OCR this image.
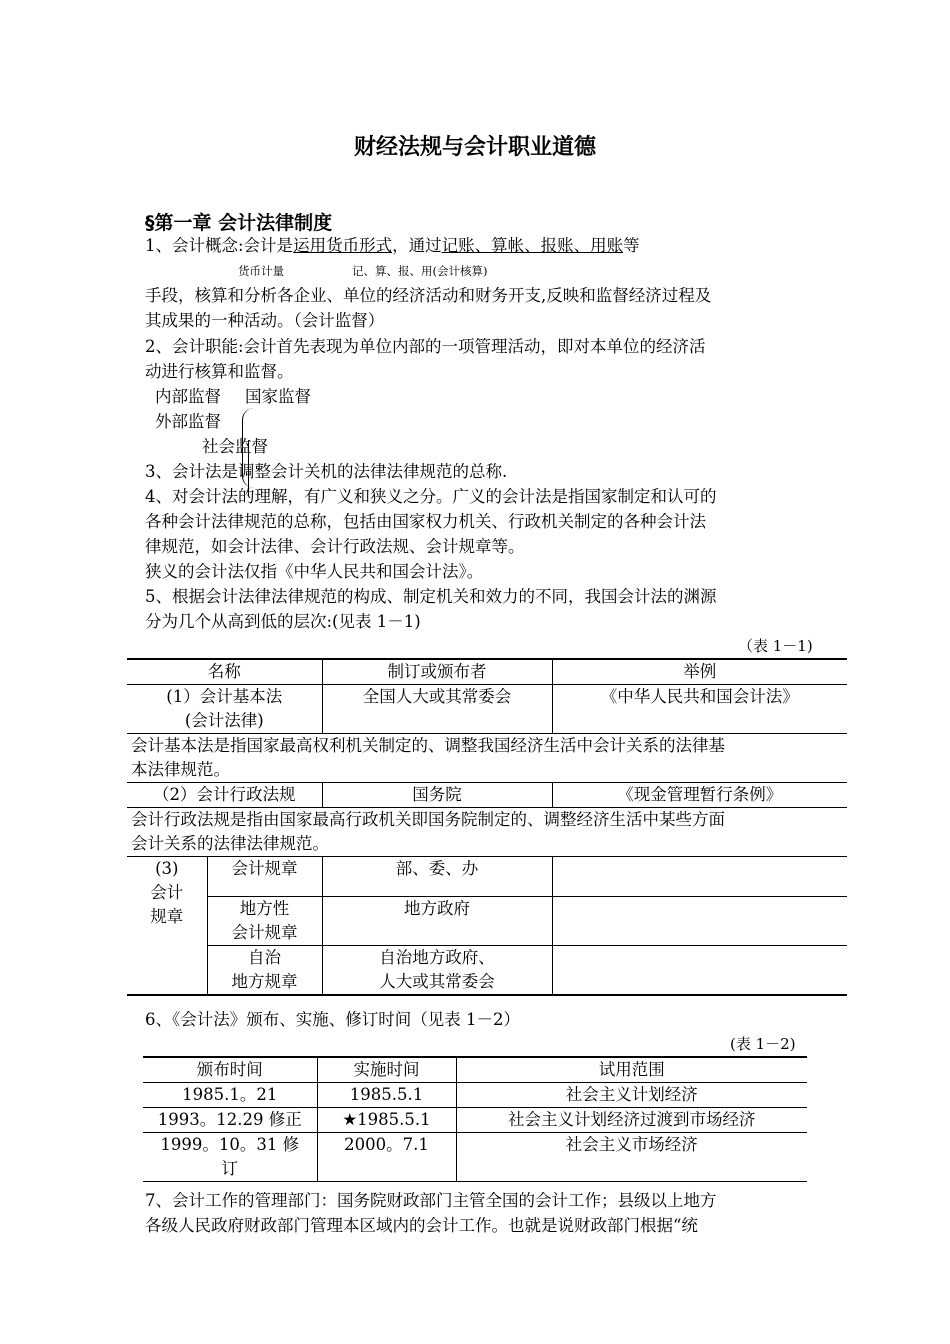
财经法规与会计职业道德
§第一章 会计法律制度
1、会计概念:会计是运用货币形式，通过记账、算帐、报账、用账等
货币计量	记、算、报、用(会计核算)
手段，核算和分析各企业、单位的经济活动和财务开支,反映和监督经济过程及
其成果的一种活动。（会计监督）
2、会计职能:会计首先表现为单位内部的一项管理活动，即对本单位的经济活
动进行核算和监督。
内部监督 国家监督
外部监督
社会监督
3、会计法是调整会计关机的法律法律规范的总称.
4、对会计法的理解，有广义和狭义之分。广义的会计法是指国家制定和认可的
各种会计法律规范的总称，包括由国家权力机关、行政机关制定的各种会计法
律规范，如会计法律、会计行政法规、会计规章等。
狭义的会计法仅指《中华人民共和国会计法》。
5、根据会计法律法律规范的构成、制定机关和效力的不同，我国会计法的渊源
分为几个从高到低的层次:(见表 1－1)
（表 1－1)
名称		制订或颁布者	举例
(1）会计基本法
(会计法律)		全国人大或其常委会	《中华人民共和国会计法》
会计基本法是指国家最高权利机关制定的、调整我国经济生活中会计关系的法律基
本法律规范。			
（2）会计行政法规		国务院	《现金管理暂行条例》
会计行政法规是指由国家最高行政机关即国务院制定的、调整经济生活中某些方面
会计关系的法律法律规范。			
(3)
会计
规章	会计规章	部、委、办	
	地方性
会计规章	地方政府	
	自治
地方规章	自治地方政府、
人大或其常委会	
6、《会计法》颁布、实施、修订时间（见表 1－2）
(表 1－2)
颁布时间	实施时间	试用范围
1985.1。21	1985.5.1	社会主义计划经济
1993。12.29 修正	★1985.5.1	社会主义计划经济过渡到市场经济
1999。10。31 修
订	2000。7.1	社会主义市场经济
7、会计工作的管理部门：国务院财政部门主管全国的会计工作；县级以上地方
各级人民政府财政部门管理本区域内的会计工作。也就是说财政部门根据“统
